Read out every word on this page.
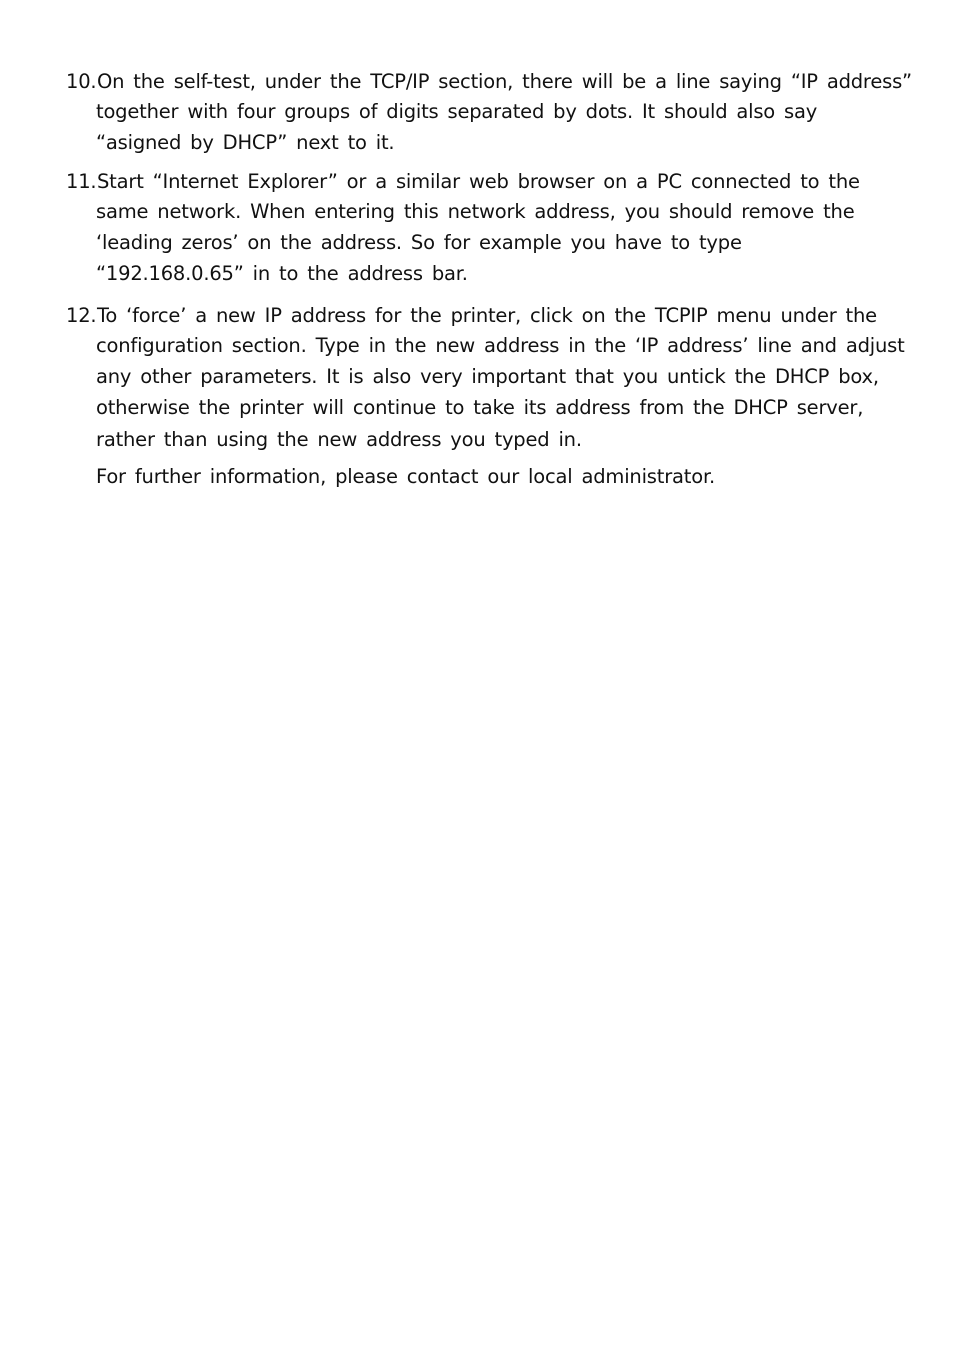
10. On the self-test, under the TCP/IP section, there will be a line saying “IP address”
together with four groups of digits separated by dots. It should also say
“asigned by DHCP” next to it.
11. Start “Internet Explorer” or a similar web browser on a PC connected to the
same network. When entering this network address, you should remove the
‘leading zeros’ on the address. So for example you have to type
“192.168.0.65” in to the address bar.
12. To ‘force’ a new IP address for the printer, click on the TCPIP menu under the
configuration section. Type in the new address in the ‘IP address’ line and adjust
any other parameters. It is also very important that you untick the DHCP box,
otherwise the printer will continue to take its address from the DHCP server,
rather than using the new address you typed in.
For further information, please contact our local administrator.
